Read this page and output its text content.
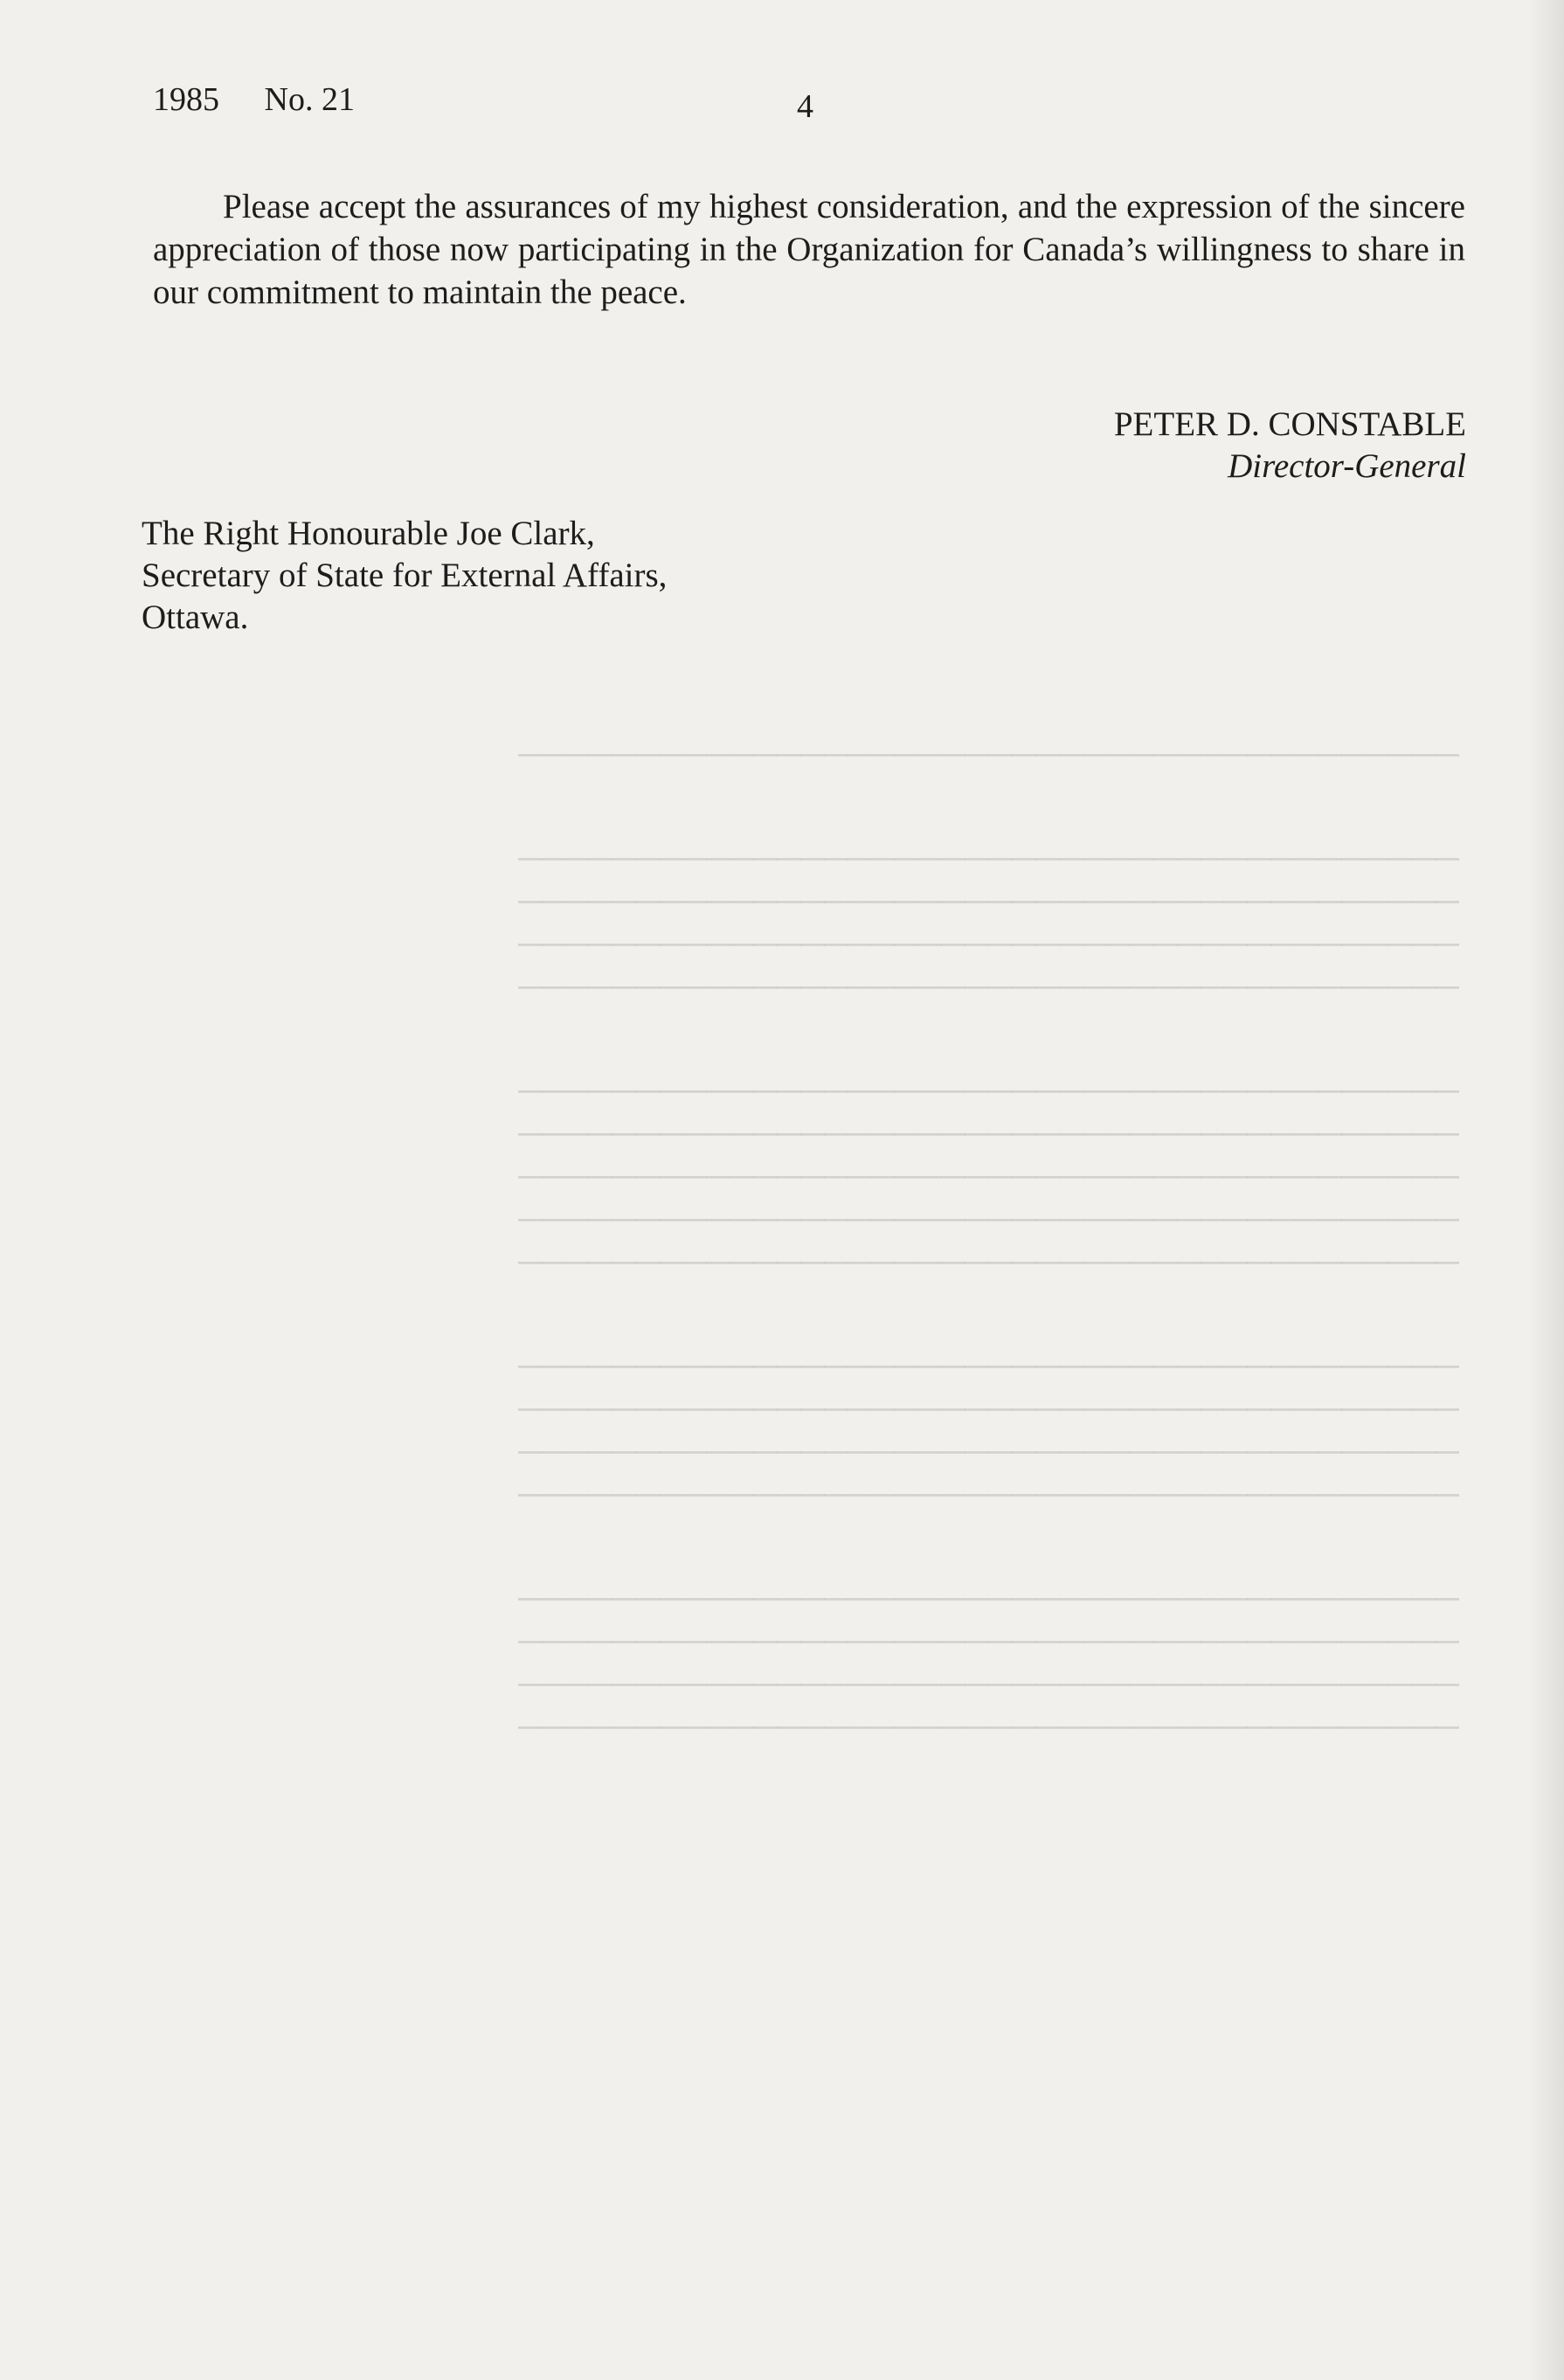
────────────────────────────────────────
────────────────────────────────────────
────────────────────────────────────────
────────────────────────────────────────
────────────────────────────────────────
────────────────────────────────────────
────────────────────────────────────────
────────────────────────────────────────
────────────────────────────────────────
────────────────────────────────────────
────────────────────────────────────────
────────────────────────────────────────
────────────────────────────────────────
────────────────────────────────────────
────────────────────────────────────────
────────────────────────────────────────
────────────────────────────────────────
────────────────────────────────────────
1985 No. 21	4

Please accept the assurances of my highest consideration, and the expression of the sincere appreciation of those now participating in the Organization for Canada’s willingness to share in our commitment to maintain the peace.

PETER D. CONSTABLE
Director-General
The Right Honourable Joe Clark,
Secretary of State for External Affairs,
Ottawa.
